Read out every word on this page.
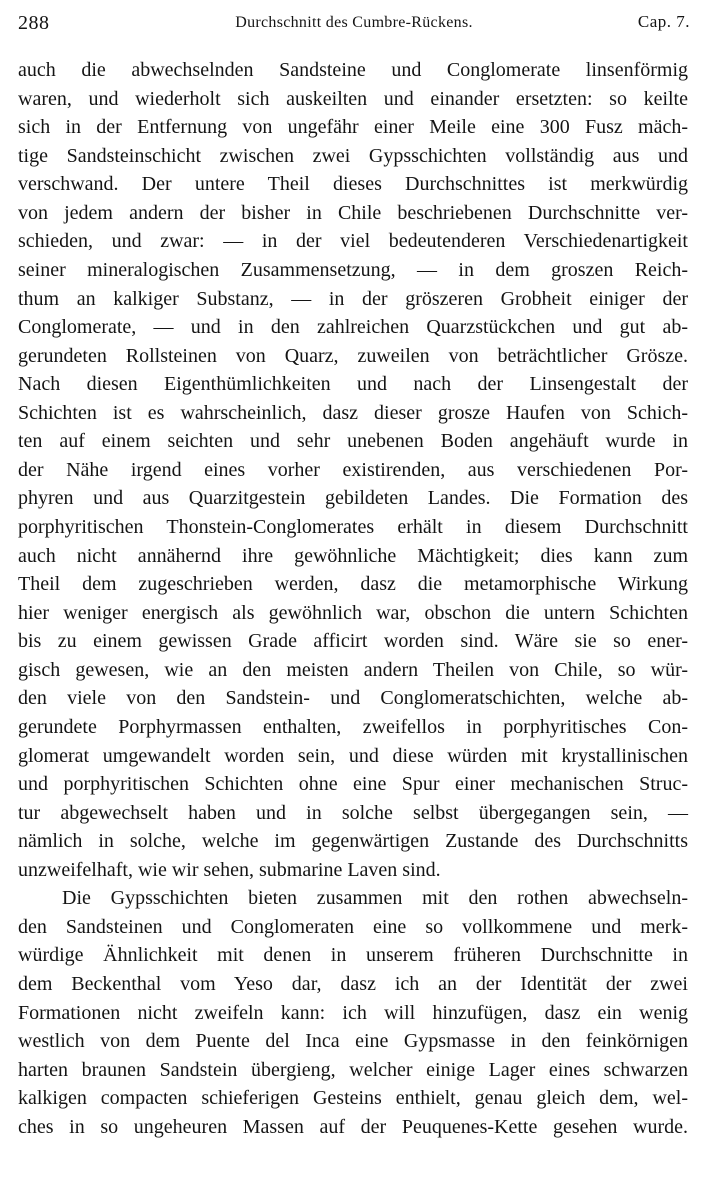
288	Durchschnitt des Cumbre-Rückens.	Cap. 7.
auch die abwechselnden Sandsteine und Conglomerate linsenförmig
waren, und wiederholt sich auskeilten und einander ersetzten: so keilte
sich in der Entfernung von ungefähr einer Meile eine 300 Fusz mäch-
tige Sandsteinschicht zwischen zwei Gypsschichten vollständig aus und
verschwand. Der untere Theil dieses Durchschnittes ist merkwürdig
von jedem andern der bisher in Chile beschriebenen Durchschnitte ver-
schieden, und zwar: — in der viel bedeutenderen Verschiedenartigkeit
seiner mineralogischen Zusammensetzung, — in dem groszen Reich-
thum an kalkiger Substanz, — in der gröszeren Grobheit einiger der
Conglomerate, — und in den zahlreichen Quarzstückchen und gut ab-
gerundeten Rollsteinen von Quarz, zuweilen von beträchtlicher Grösze.
Nach diesen Eigenthümlichkeiten und nach der Linsengestalt der
Schichten ist es wahrscheinlich, dasz dieser grosze Haufen von Schich-
ten auf einem seichten und sehr unebenen Boden angehäuft wurde in
der Nähe irgend eines vorher existirenden, aus verschiedenen Por-
phyren und aus Quarzitgestein gebildeten Landes. Die Formation des
porphyritischen Thonstein-Conglomerates erhält in diesem Durchschnitt
auch nicht annähernd ihre gewöhnliche Mächtigkeit; dies kann zum
Theil dem zugeschrieben werden, dasz die metamorphische Wirkung
hier weniger energisch als gewöhnlich war, obschon die untern Schichten
bis zu einem gewissen Grade afficirt worden sind. Wäre sie so ener-
gisch gewesen, wie an den meisten andern Theilen von Chile, so wür-
den viele von den Sandstein- und Conglomeratschichten, welche ab-
gerundete Porphyrmassen enthalten, zweifellos in porphyritisches Con-
glomerat umgewandelt worden sein, und diese würden mit krystallinischen
und porphyritischen Schichten ohne eine Spur einer mechanischen Struc-
tur abgewechselt haben und in solche selbst übergegangen sein, —
nämlich in solche, welche im gegenwärtigen Zustande des Durchschnitts
unzweifelhaft, wie wir sehen, submarine Laven sind.
Die Gypsschichten bieten zusammen mit den rothen abwechseln-
den Sandsteinen und Conglomeraten eine so vollkommene und merk-
würdige Ähnlichkeit mit denen in unserem früheren Durchschnitte in
dem Beckenthal vom Yeso dar, dasz ich an der Identität der zwei
Formationen nicht zweifeln kann: ich will hinzufügen, dasz ein wenig
westlich von dem Puente del Inca eine Gypsmasse in den feinkörnigen
harten braunen Sandstein übergieng, welcher einige Lager eines schwarzen
kalkigen compacten schieferigen Gesteins enthielt, genau gleich dem, wel-
ches in so ungeheuren Massen auf der Peuquenes-Kette gesehen wurde.
